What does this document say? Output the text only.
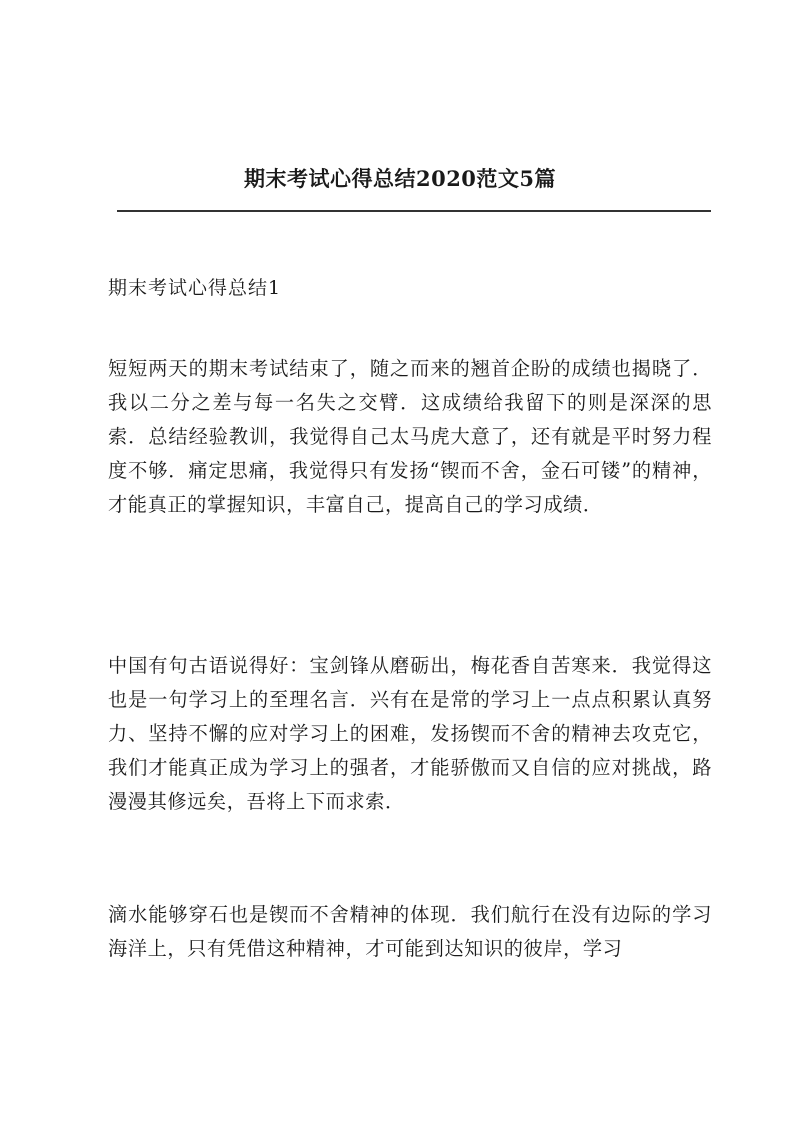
期末考试心得总结2020范文5篇
期末考试心得总结1

短短两天的期末考试结束了，随之而来的翘首企盼的成绩也揭晓了．我以二分之差与每一名失之交臂．这成绩给我留下的则是深深的思索．总结经验教训，我觉得自己太马虎大意了，还有就是平时努力程度不够．痛定思痛，我觉得只有发扬“锲而不舍，金石可镂”的精神，才能真正的掌握知识，丰富自己，提高自己的学习成绩．

中国有句古语说得好：宝剑锋从磨砺出，梅花香自苦寒来．我觉得这也是一句学习上的至理名言．兴有在是常的学习上一点点积累认真努力、坚持不懈的应对学习上的困难，发扬锲而不舍的精神去攻克它，我们才能真正成为学习上的强者，才能骄傲而又自信的应对挑战，路漫漫其修远矣，吾将上下而求索．

滴水能够穿石也是锲而不舍精神的体现．我们航行在没有边际的学习海洋上，只有凭借这种精神，才可能到达知识的彼岸，学习
